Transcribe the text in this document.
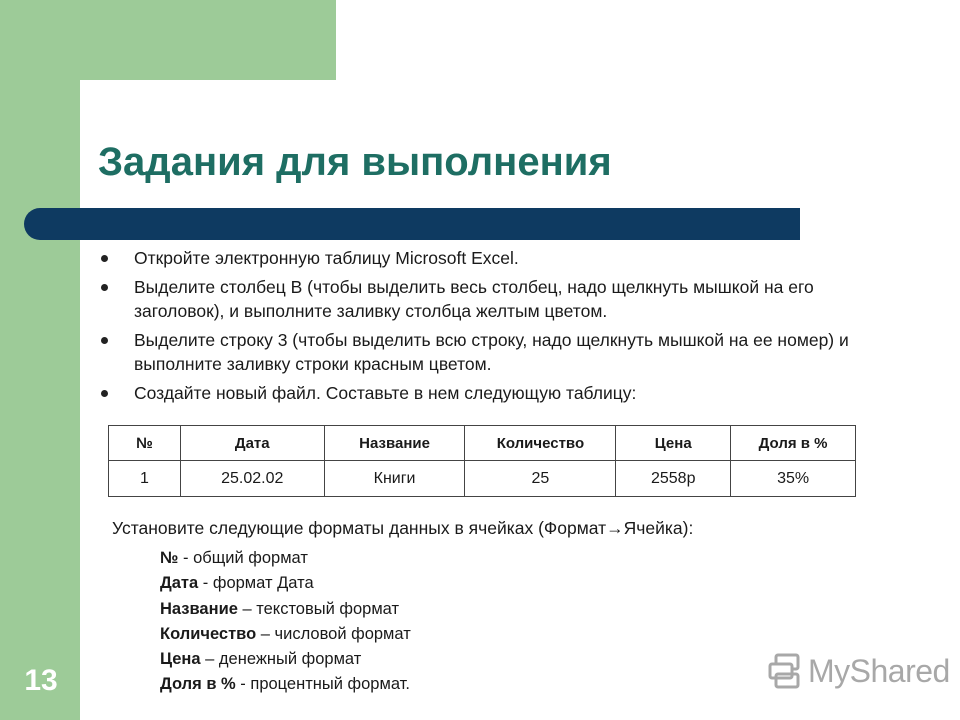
Задания для выполнения
Откройте электронную таблицу Microsoft Excel.
Выделите столбец В (чтобы выделить весь столбец, надо щелкнуть мышкой на его заголовок), и выполните заливку столбца желтым цветом.
Выделите строку 3 (чтобы выделить всю строку, надо щелкнуть мышкой на ее номер) и выполните заливку строки красным цветом.
Создайте новый файл. Составьте в нем следующую таблицу:
№	Дата	Название	Количество	Цена	Доля в %
1	25.02.02	Книги	25	2558р	35%
Установите следующие форматы данных в ячейках (Формат→Ячейка):
№ - общий формат
Дата - формат Дата
Название – текстовый формат
Количество – числовой формат
Цена – денежный формат
Доля в % - процентный формат.
13	MyShared
